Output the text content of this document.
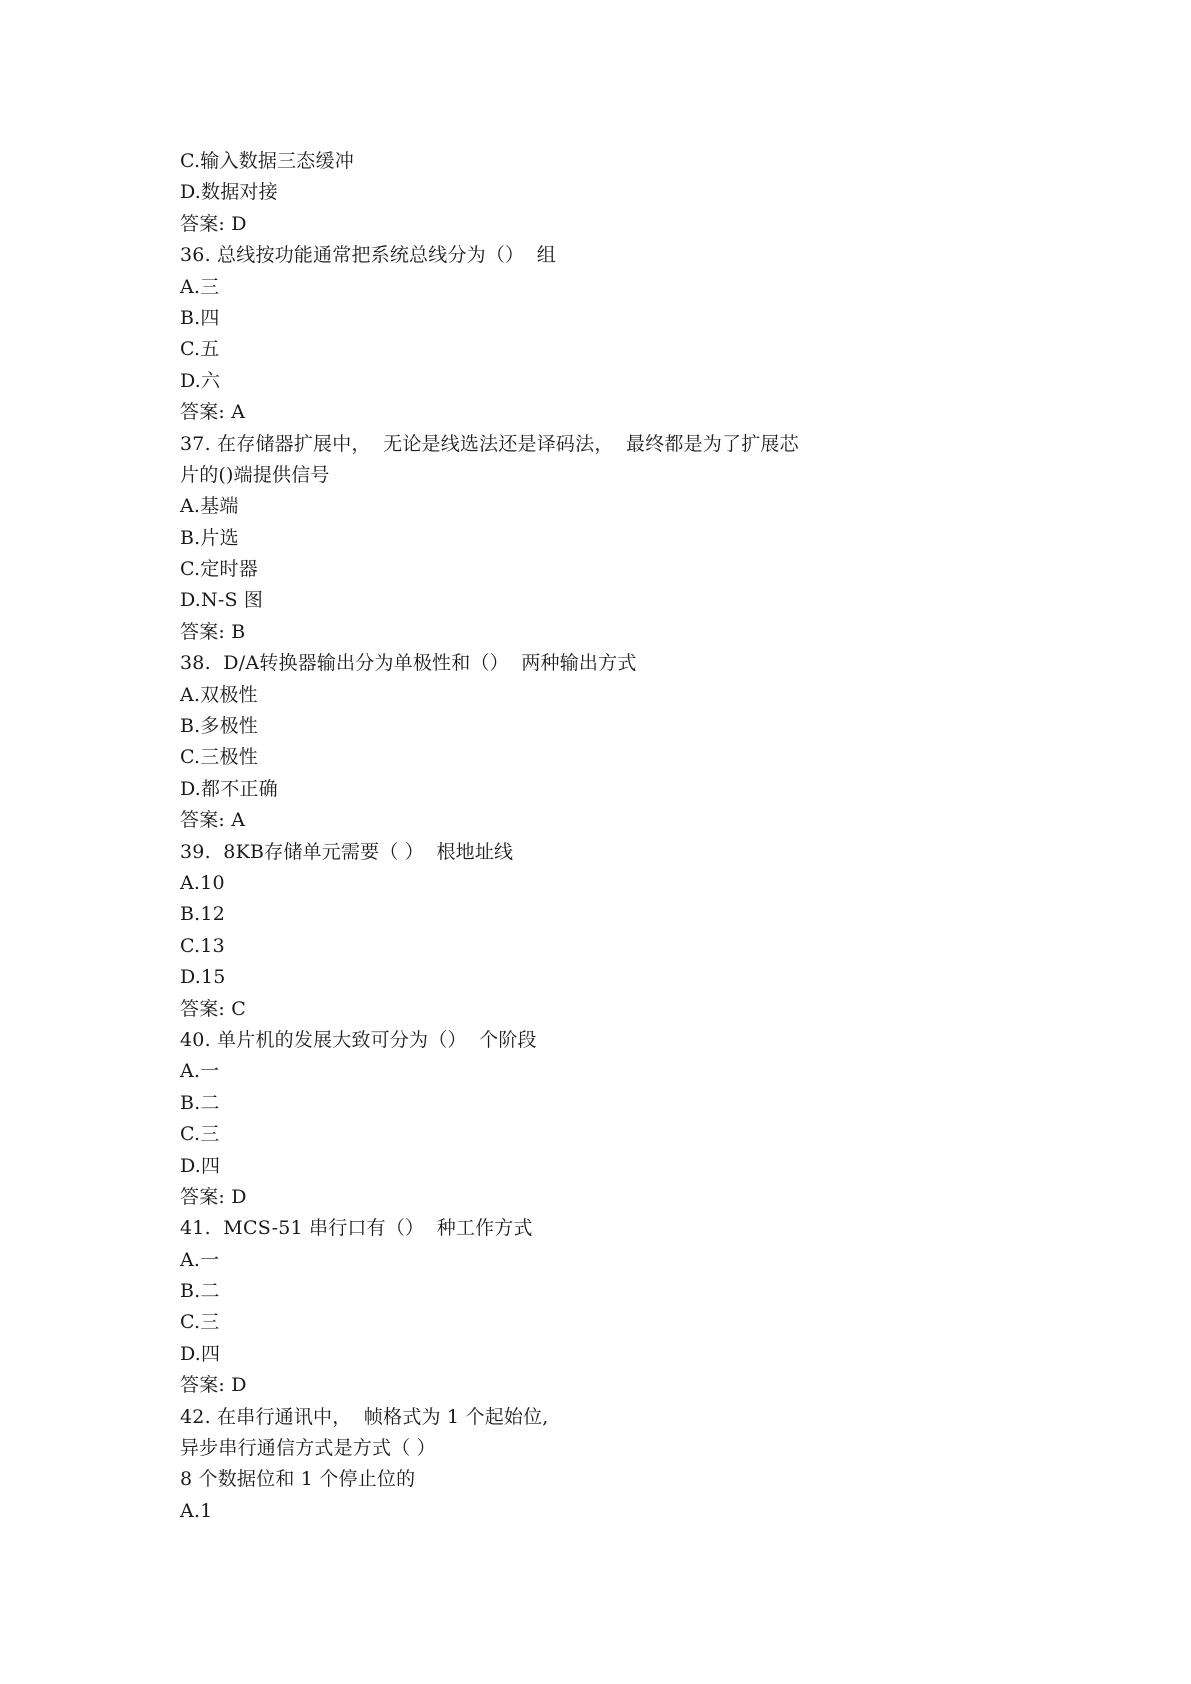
C.输入数据三态缓冲
D.数据对接
答案: D
36. 总线按功能通常把系统总线分为（）  组
A.三
B.四
C.五
D.六
答案: A
37. 在存储器扩展中，  无论是线选法还是译码法，  最终都是为了扩展芯
片的()端提供信号
A.基端
B.片选
C.定时器
D.N-S 图
答案: B
38.  D/A转换器输出分为单极性和（）  两种输出方式
A.双极性
B.多极性
C.三极性
D.都不正确
答案: A
39.  8KB存储单元需要（ ）  根地址线
A.10
B.12
C.13
D.15
答案: C
40. 单片机的发展大致可分为（）  个阶段
A.一
B.二
C.三
D.四
答案: D
41.  MCS-51 串行口有（）  种工作方式
A.一
B.二
C.三
D.四
答案: D
42. 在串行通讯中，  帧格式为 1 个起始位,
异步串行通信方式是方式（ ）
8 个数据位和 1 个停止位的
A.1
